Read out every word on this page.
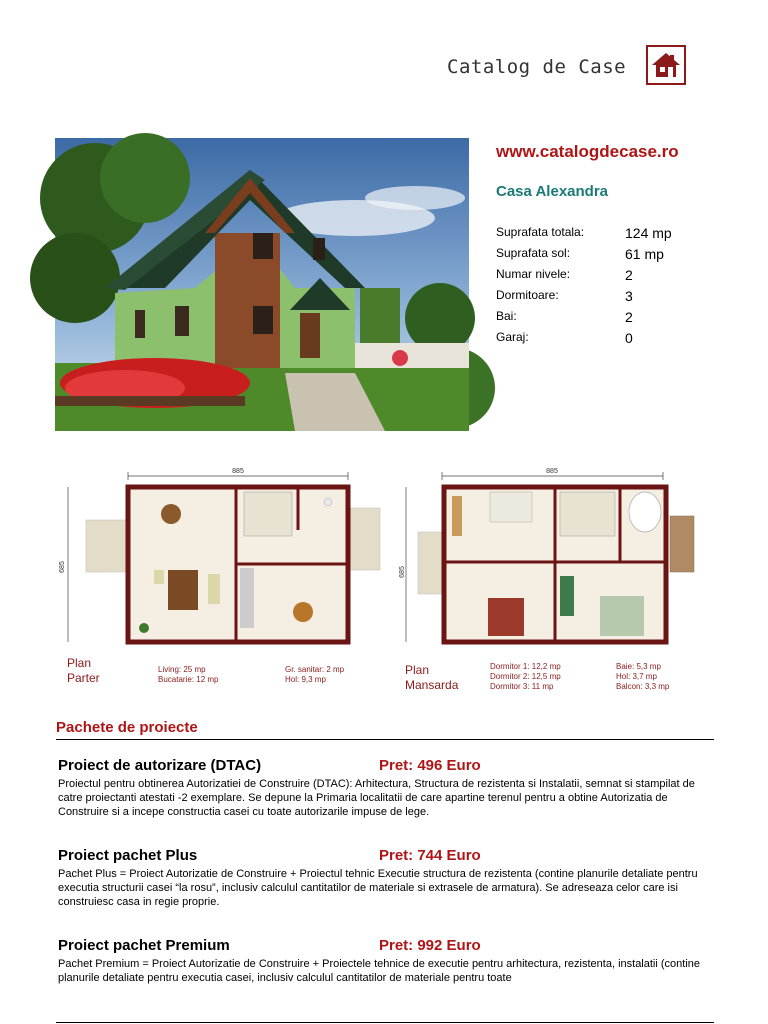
Catalog de Case
www.catalogdecase.ro
Casa Alexandra
Suprafata totala:	124 mp
Suprafata sol:	61 mp
Numar nivele:	2
Dormitoare:	3
Bai:	2
Garaj:	0
885
685
Plan
Parter
Living: 25 mp
Bucatarie: 12 mp
Gr. sanitar: 2 mp
Hol: 9,3 mp
885
685
Plan
Mansarda
Dormitor 1: 12,2 mp
Dormitor 2: 12,5 mp
Dormitor 3: 11 mp
Baie: 5,3 mp
Hol: 3,7 mp
Balcon: 3,3 mp
Pachete de proiecte
Proiect de autorizare (DTAC)	Pret: 496 Euro
Proiectul pentru obtinerea Autorizatiei de Construire (DTAC): Arhitectura, Structura de rezistenta si Instalatii, semnat si stampilat de catre proiectanti atestati -2 exemplare. Se depune la Primaria localitatii de care apartine terenul pentru a obtine Autorizatia de Construire si a incepe constructia casei cu toate autorizarile impuse de lege.
Proiect pachet Plus	Pret: 744 Euro
Pachet Plus = Proiect Autorizatie de Construire + Proiectul tehnic Executie structura de rezistenta (contine planurile detaliate pentru executia structurii casei “la rosu”, inclusiv calculul cantitatilor de materiale si extrasele de armatura). Se adreseaza celor care isi construiesc casa in regie proprie.
Proiect pachet Premium	Pret: 992 Euro
Pachet Premium = Proiect Autorizatie de Construire + Proiectele tehnice de executie pentru arhitectura, rezistenta, instalatii (contine planurile detaliate pentru executia casei, inclusiv calculul cantitatilor de materiale pentru toate
